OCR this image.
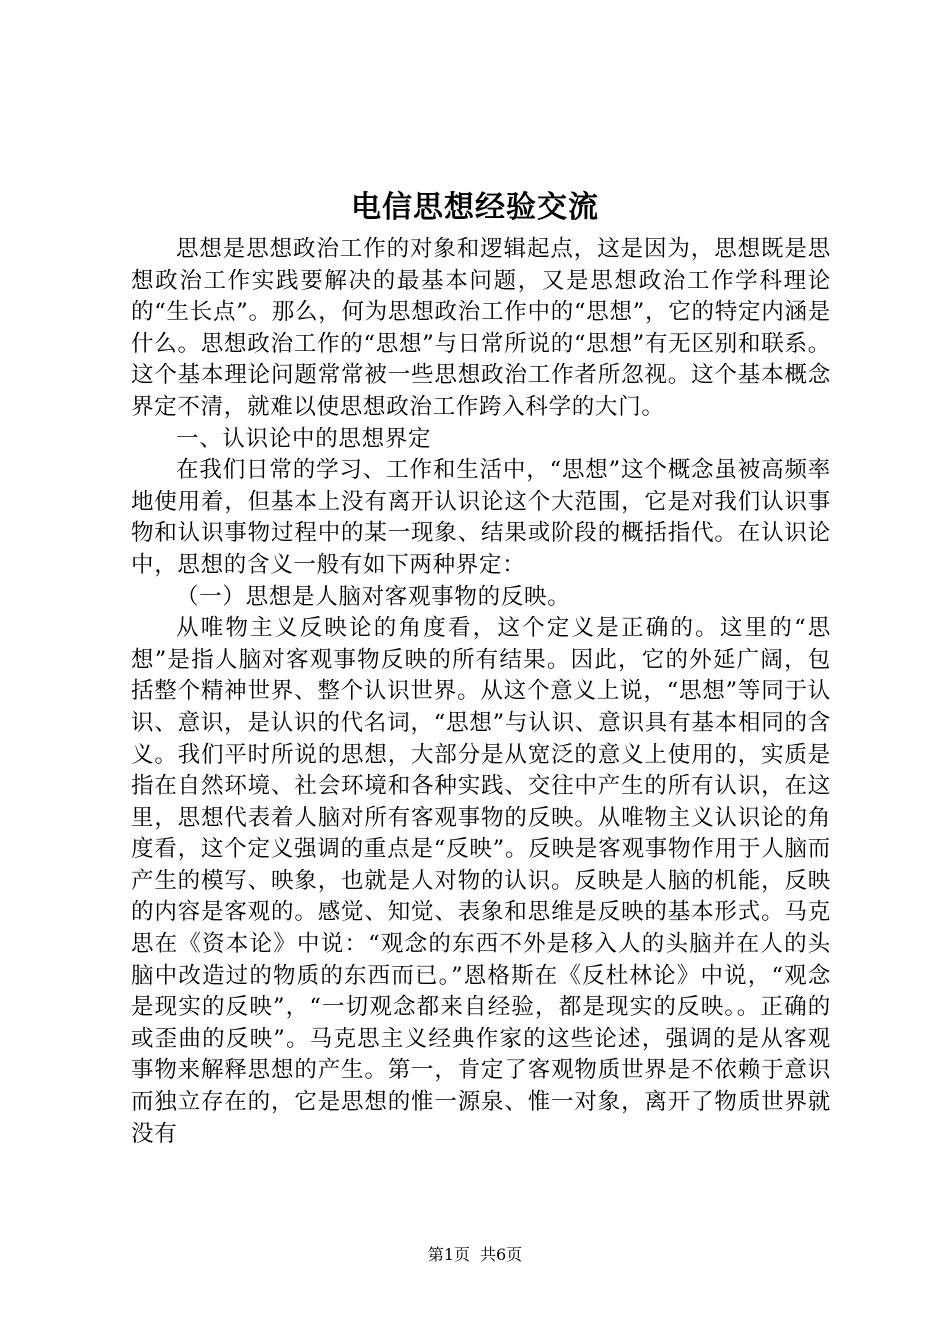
电信思想经验交流

思想是思想政治工作的对象和逻辑起点，这是因为，思想既是思想政治工作实践要解决的最基本问题，又是思想政治工作学科理论的“生长点”。那么，何为思想政治工作中的“思想”，它的特定内涵是什么。思想政治工作的“思想”与日常所说的“思想”有无区别和联系。这个基本理论问题常常被一些思想政治工作者所忽视。这个基本概念界定不清，就难以使思想政治工作跨入科学的大门。

一、认识论中的思想界定

在我们日常的学习、工作和生活中，“思想”这个概念虽被高频率地使用着，但基本上没有离开认识论这个大范围，它是对我们认识事物和认识事物过程中的某一现象、结果或阶段的概括指代。在认识论中，思想的含义一般有如下两种界定：

（一）思想是人脑对客观事物的反映。

从唯物主义反映论的角度看，这个定义是正确的。这里的“思想”是指人脑对客观事物反映的所有结果。因此，它的外延广阔，包括整个精神世界、整个认识世界。从这个意义上说，“思想”等同于认识、意识，是认识的代名词，“思想”与认识、意识具有基本相同的含义。我们平时所说的思想，大部分是从宽泛的意义上使用的，实质是指在自然环境、社会环境和各种实践、交往中产生的所有认识，在这里，思想代表着人脑对所有客观事物的反映。从唯物主义认识论的角度看，这个定义强调的重点是“反映”。反映是客观事物作用于人脑而产生的模写、映象，也就是人对物的认识。反映是人脑的机能，反映的内容是客观的。感觉、知觉、表象和思维是反映的基本形式。马克思在《资本论》中说：“观念的东西不外是移入人的头脑并在人的头脑中改造过的物质的东西而已。”恩格斯在《反杜林论》中说，“观念是现实的反映”，“一切观念都来自经验，都是现实的反映。。正确的或歪曲的反映”。马克思主义经典作家的这些论述，强调的是从客观事物来解释思想的产生。第一，肯定了客观物质世界是不依赖于意识而独立存在的，它是思想的惟一源泉、惟一对象，离开了物质世界就没有

第1页 共6页
